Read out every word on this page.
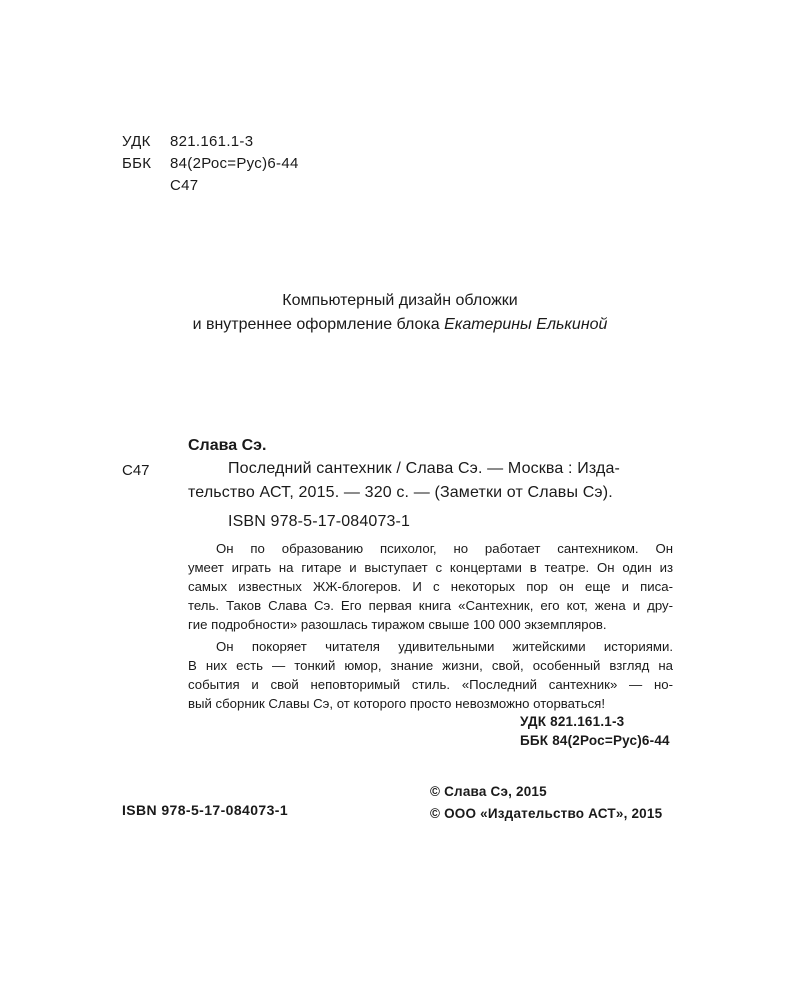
УДК 821.161.1-3
ББК 84(2Рос=Рус)6-44
С47
Компьютерный дизайн обложки
и внутреннее оформление блока Екатерины Елькиной
Слава Сэ.
С47	Последний сантехник / Слава Сэ. — Москва : Изда-
тельство АСТ, 2015. — 320 с. — (Заметки от Славы Сэ).
ISBN 978-5-17-084073-1
Он по образованию психолог, но работает сантехником. Он
умеет играть на гитаре и выступает с концертами в театре. Он один из
самых известных ЖЖ-блогеров. И с некоторых пор он еще и писа-
тель. Таков Слава Сэ. Его первая книга «Сантехник, его кот, жена и дру-
гие подробности» разошлась тиражом свыше 100 000 экземпляров.
Он покоряет читателя удивительными житейскими историями.
В них есть — тонкий юмор, знание жизни, свой, особенный взгляд на
события и свой неповторимый стиль. «Последний сантехник» — но-
вый сборник Славы Сэ, от которого просто невозможно оторваться!
УДК 821.161.1-3
ББК 84(2Рос=Рус)6-44
© Слава Сэ, 2015
© ООО «Издательство АСТ», 2015
ISBN 978-5-17-084073-1
